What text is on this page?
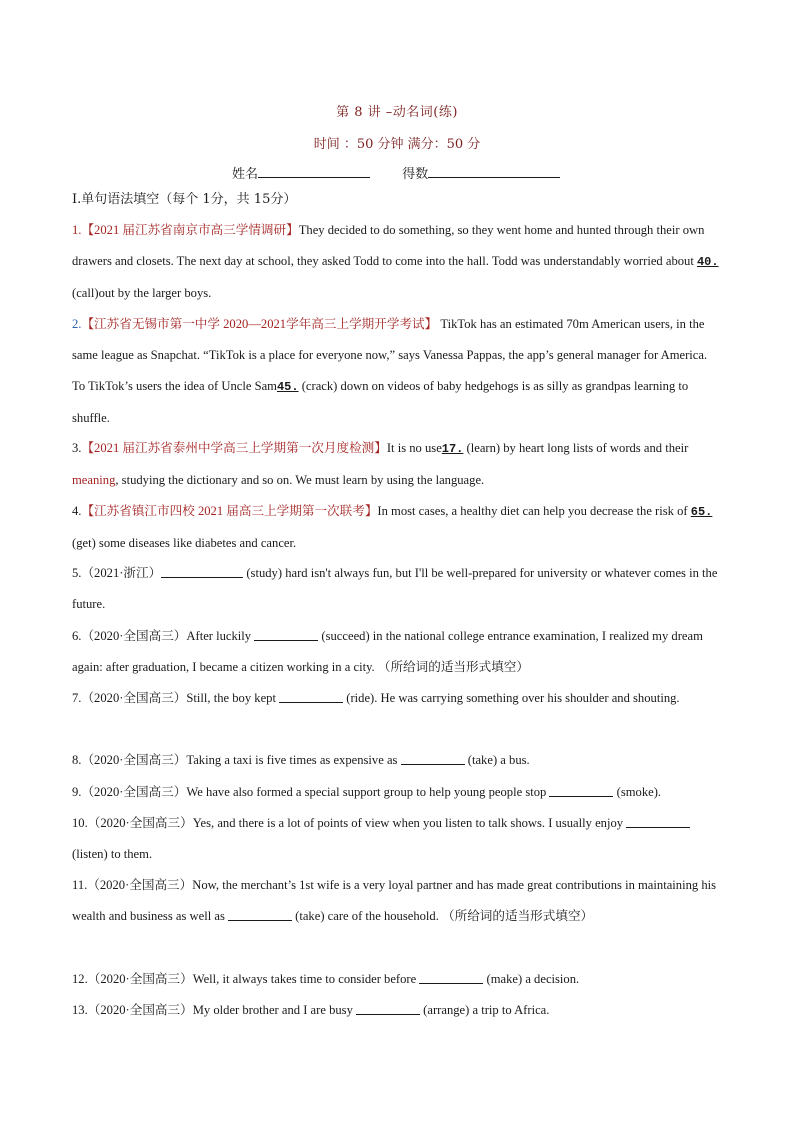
第 8 讲 –动名词(练)
时间 ：50 分钟 满分：50 分
姓名	得数
Ⅰ.单句语法填空（每个 1分，共 15分）
1.【2021 届江苏省南京市高三学情调研】They decided to do something, so they went home and hunted through their own drawers and closets. The next day at school, they asked Todd to come into the hall. Todd was understandably worried about 40. (call)out by the larger boys.
2.【江苏省无锡市第一中学 2020—2021学年高三上学期开学考试】 TikTok has an estimated 70m American users, in the same league as Snapchat. “TikTok is a place for everyone now,” says Vanessa Pappas, the app’s general manager for America. To TikTok’s users the idea of Uncle Sam45. (crack) down on videos of baby hedgehogs is as silly as grandpas learning to shuffle.
3.【2021 届江苏省泰州中学高三上学期第一次月度检测】It is no use17. (learn) by heart long lists of words and their meaning, studying the dictionary and so on. We must learn by using the language.
4.【江苏省镇江市四校 2021 届高三上学期第一次联考】In most cases, a healthy diet can help you decrease the risk of 65. (get) some diseases like diabetes and cancer.
5.（2021·浙江）	(study) hard isn't always fun, but I'll be well-prepared for university or whatever comes in the future.
6.（2020·全国高三）After luckily	(succeed) in the national college entrance examination, I realized my dream again: after graduation, I became a citizen working in a city. （所给词的适当形式填空）
7.（2020·全国高三）Still, the boy kept	(ride). He was carrying something over his shoulder and shouting.
8.（2020·全国高三）Taking a taxi is five times as expensive as	(take) a bus.
9.（2020·全国高三）We have also formed a special support group to help young people stop	(smoke).
10.（2020·全国高三）Yes, and there is a lot of points of view when you listen to talk shows. I usually enjoy  (listen) to them.
11.（2020·全国高三）Now, the merchant’s 1st wife is a very loyal partner and has made great contributions in maintaining his wealth and business as well as	(take) care of the household. （所给词的适当形式填空）
12.（2020·全国高三）Well, it always takes time to consider before	(make) a decision.
13.（2020·全国高三）My older brother and I are busy	(arrange) a trip to Africa.
